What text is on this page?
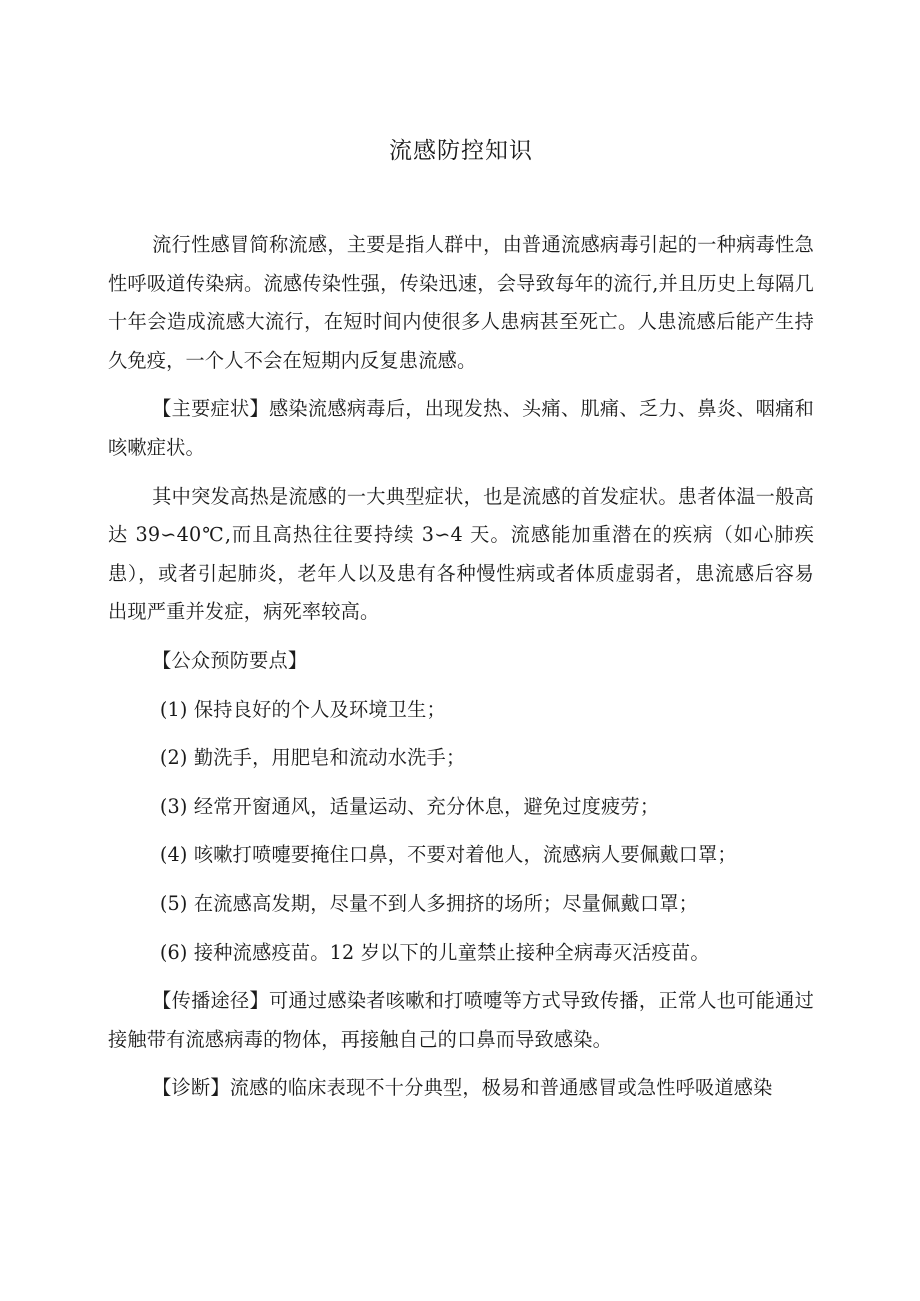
流感防控知识

流行性感冒简称流感，主要是指人群中，由普通流感病毒引起的一种病毒性急性呼吸道传染病。流感传染性强，传染迅速，会导致每年的流行,并且历史上每隔几十年会造成流感大流行，在短时间内使很多人患病甚至死亡。人患流感后能产生持久免疫，一个人不会在短期内反复患流感。

【主要症状】感染流感病毒后，出现发热、头痛、肌痛、乏力、鼻炎、咽痛和咳嗽症状。

其中突发高热是流感的一大典型症状，也是流感的首发症状。患者体温一般高达 39∽40℃,而且高热往往要持续 3∽4 天。流感能加重潜在的疾病（如心肺疾患），或者引起肺炎，老年人以及患有各种慢性病或者体质虚弱者，患流感后容易出现严重并发症，病死率较高。

【公众预防要点】

(1) 保持良好的个人及环境卫生；

(2) 勤洗手，用肥皂和流动水洗手；

(3) 经常开窗通风，适量运动、充分休息，避免过度疲劳；

(4) 咳嗽打喷嚏要掩住口鼻，不要对着他人，流感病人要佩戴口罩；

(5) 在流感高发期，尽量不到人多拥挤的场所；尽量佩戴口罩；

(6) 接种流感疫苗。12 岁以下的儿童禁止接种全病毒灭活疫苗。

【传播途径】可通过感染者咳嗽和打喷嚏等方式导致传播，正常人也可能通过接触带有流感病毒的物体，再接触自己的口鼻而导致感染。

【诊断】流感的临床表现不十分典型，极易和普通感冒或急性呼吸道感染
